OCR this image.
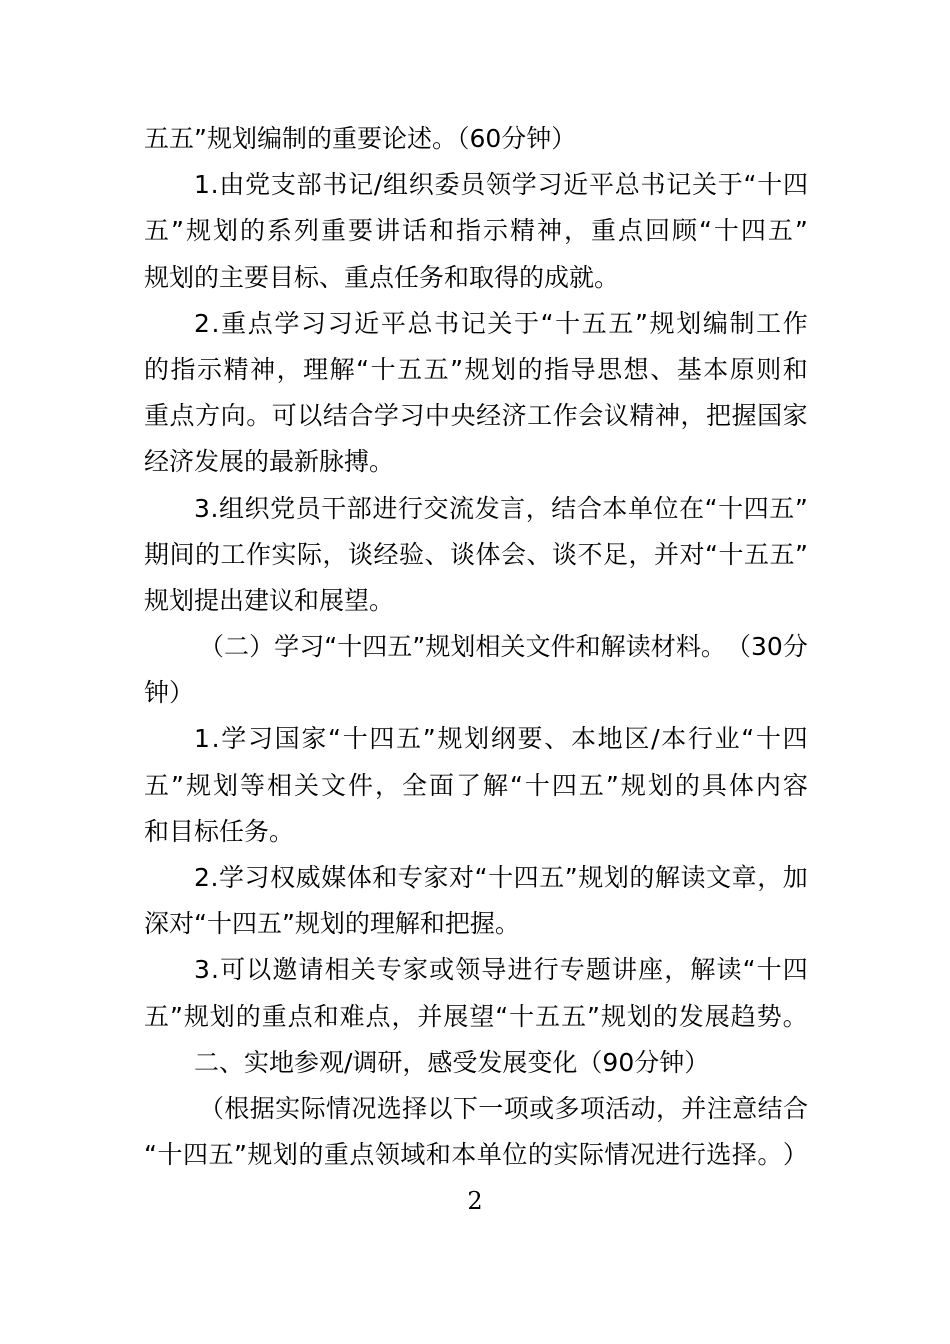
五五”规划编制的重要论述。（60分钟）
1 . 由 党 支 部 书 记 / 组 织 委 员 领 学 习 近 平 总 书 记 关 于 “ 十 四
五 ” 规 划 的 系 列 重 要 讲 话 和 指 示 精 神 ， 重 点 回 顾 “ 十 四 五 ”
规划的主要目标、重点任务和取得的成就。
2 . 重 点 学 习 习 近 平 总 书 记 关 于 “ 十 五 五 ” 规 划 编 制 工 作
的 指 示 精 神 ， 理 解 “ 十 五 五 ” 规 划 的 指 导 思 想 、 基 本 原 则 和
重 点 方 向 。 可 以 结 合 学 习 中 央 经 济 工 作 会 议 精 神 ， 把 握 国 家
经济发展的最新脉搏。
3 . 组 织 党 员 干 部 进 行 交 流 发 言 ， 结 合 本 单 位 在 “ 十 四 五 ”
期 间 的 工 作 实 际 ， 谈 经 验 、 谈 体 会 、 谈 不 足 ， 并 对 “ 十 五 五 ”
规划提出建议和展望。
（ 二 ） 学 习 “ 十 四 五 ” 规 划 相 关 文 件 和 解 读 材 料 。 （ 3 0 分
钟）
1 . 学 习 国 家 “ 十 四 五 ” 规 划 纲 要 、 本 地 区 / 本 行 业 “ 十 四
五 ” 规 划 等 相 关 文 件 ， 全 面 了 解 “ 十 四 五 ” 规 划 的 具 体 内 容
和目标任务。
2 . 学 习 权 威 媒 体 和 专 家 对 “ 十 四 五 ” 规 划 的 解 读 文 章 ， 加
深对“十四五”规划的理解和把握。
3 . 可 以 邀 请 相 关 专 家 或 领 导 进 行 专 题 讲 座 ， 解 读 “ 十 四
五 ” 规 划 的 重 点 和 难 点 ， 并 展 望 “ 十 五 五 ” 规 划 的 发 展 趋 势 。
二、实地参观/调研，感受发展变化（90分钟）
（ 根 据 实 际 情 况 选 择 以 下 一 项 或 多 项 活 动 ， 并 注 意 结 合
“ 十 四 五 ” 规 划 的 重 点 领 域 和 本 单 位 的 实 际 情 况 进 行 选 择 。 ）
2
